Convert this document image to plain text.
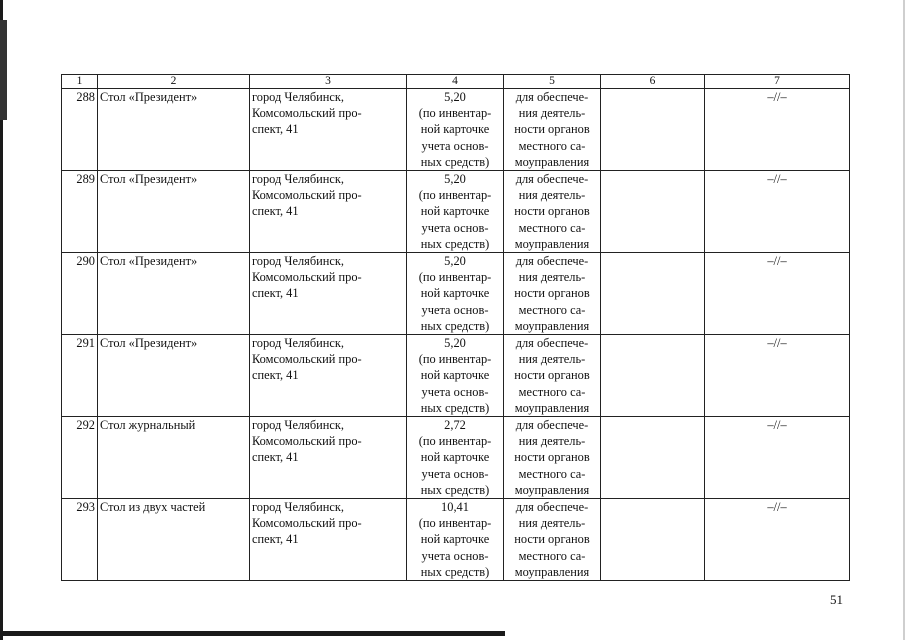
1	2	3	4	5	6	7
288	Стол «Президент»	город Челябинск,
Комсомольский про-
спект, 41	5,20
(по инвентар-
ной карточке
учета основ-
ных средств)	для обеспече-
ния деятель-
ности органов
местного са-
моуправления		–//–
289	Стол «Президент»	город Челябинск,
Комсомольский про-
спект, 41	5,20
(по инвентар-
ной карточке
учета основ-
ных средств)	для обеспече-
ния деятель-
ности органов
местного са-
моуправления		–//–
290	Стол «Президент»	город Челябинск,
Комсомольский про-
спект, 41	5,20
(по инвентар-
ной карточке
учета основ-
ных средств)	для обеспече-
ния деятель-
ности органов
местного са-
моуправления		–//–
291	Стол «Президент»	город Челябинск,
Комсомольский про-
спект, 41	5,20
(по инвентар-
ной карточке
учета основ-
ных средств)	для обеспече-
ния деятель-
ности органов
местного са-
моуправления		–//–
292	Стол журнальный	город Челябинск,
Комсомольский про-
спект, 41	2,72
(по инвентар-
ной карточке
учета основ-
ных средств)	для обеспече-
ния деятель-
ности органов
местного са-
моуправления		–//–
293	Стол из двух частей	город Челябинск,
Комсомольский про-
спект, 41	10,41
(по инвентар-
ной карточке
учета основ-
ных средств)	для обеспече-
ния деятель-
ности органов
местного са-
моуправления		–//–
51
